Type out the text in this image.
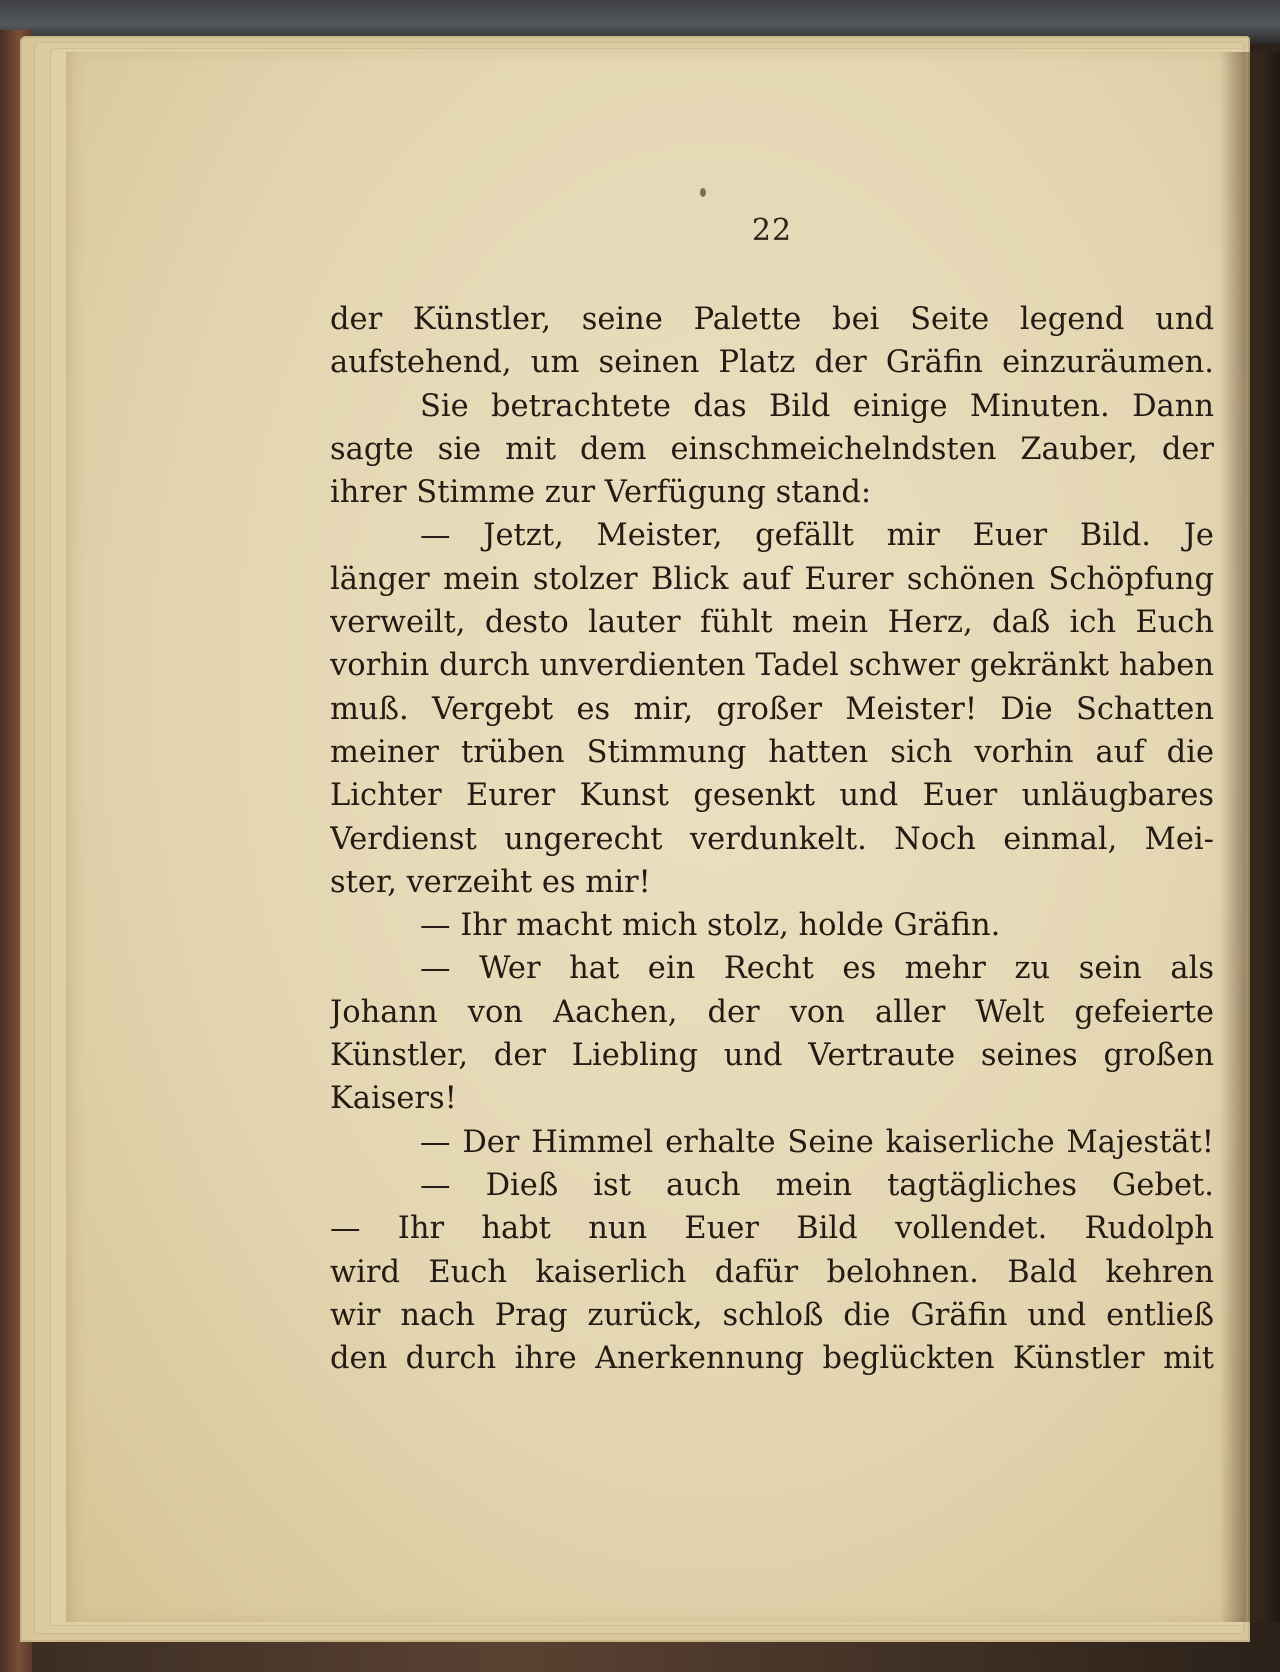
22
der Künstler, seine Palette bei Seite legend und
aufstehend, um seinen Platz der Gräfin einzuräumen.
Sie betrachtete das Bild einige Minuten. Dann
sagte sie mit dem einschmeichelndsten Zauber, der
ihrer Stimme zur Verfügung stand:
— Jetzt, Meister, gefällt mir Euer Bild. Je
länger mein stolzer Blick auf Eurer schönen Schöpfung
verweilt, desto lauter fühlt mein Herz, daß ich Euch
vorhin durch unverdienten Tadel schwer gekränkt haben
muß. Vergebt es mir, großer Meister! Die Schatten
meiner trüben Stimmung hatten sich vorhin auf die
Lichter Eurer Kunst gesenkt und Euer unläugbares
Verdienst ungerecht verdunkelt. Noch einmal, Mei-
ster, verzeiht es mir!
— Ihr macht mich stolz, holde Gräfin.
— Wer hat ein Recht es mehr zu sein als
Johann von Aachen, der von aller Welt gefeierte
Künstler, der Liebling und Vertraute seines großen
Kaisers!
— Der Himmel erhalte Seine kaiserliche Majestät!
— Dieß ist auch mein tagtägliches Gebet.
— Ihr habt nun Euer Bild vollendet. Rudolph
wird Euch kaiserlich dafür belohnen. Bald kehren
wir nach Prag zurück, schloß die Gräfin und entließ
den durch ihre Anerkennung beglückten Künstler mit
